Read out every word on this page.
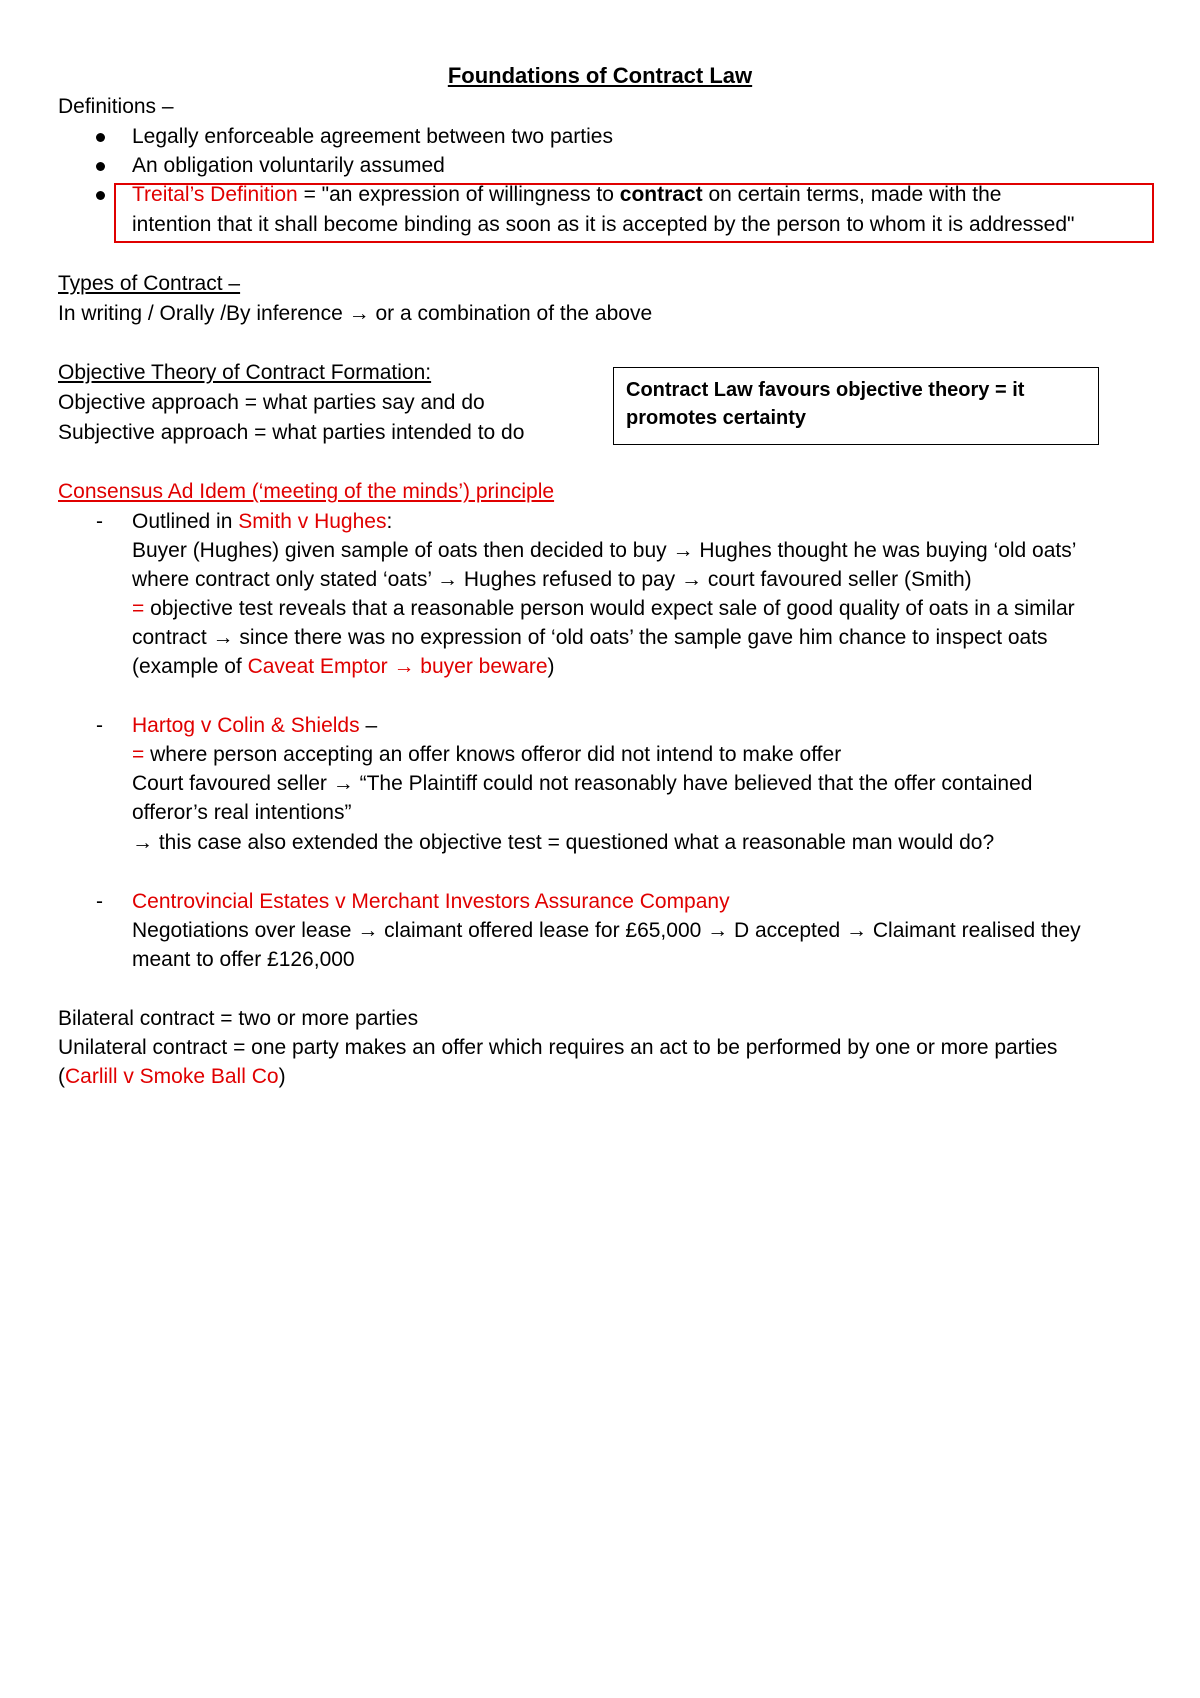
Foundations of Contract Law
Definitions –
Legally enforceable agreement between two parties
An obligation voluntarily assumed
Treital’s Definition = "an expression of willingness to contract on certain terms, made with the
intention that it shall become binding as soon as it is accepted by the person to whom it is addressed"
Types of Contract –
In writing / Orally /By inference → or a combination of the above
Objective Theory of Contract Formation:
Objective approach = what parties say and do
Subjective approach = what parties intended to do
Contract Law favours objective theory = it
promotes certainty
Consensus Ad Idem (‘meeting of the minds’) principle
- Outlined in Smith v Hughes:
Buyer (Hughes) given sample of oats then decided to buy → Hughes thought he was buying ‘old oats’
where contract only stated ‘oats’ → Hughes refused to pay → court favoured seller (Smith)
= objective test reveals that a reasonable person would expect sale of good quality of oats in a similar
contract → since there was no expression of ‘old oats’ the sample gave him chance to inspect oats
(example of Caveat Emptor → buyer beware)
- Hartog v Colin & Shields –
= where person accepting an offer knows offeror did not intend to make offer
Court favoured seller → “The Plaintiff could not reasonably have believed that the offer contained
offeror’s real intentions”
→ this case also extended the objective test = questioned what a reasonable man would do?
- Centrovincial Estates v Merchant Investors Assurance Company
Negotiations over lease → claimant offered lease for £65,000 → D accepted → Claimant realised they
meant to offer £126,000
Bilateral contract = two or more parties
Unilateral contract = one party makes an offer which requires an act to be performed by one or more parties
(Carlill v Smoke Ball Co)
